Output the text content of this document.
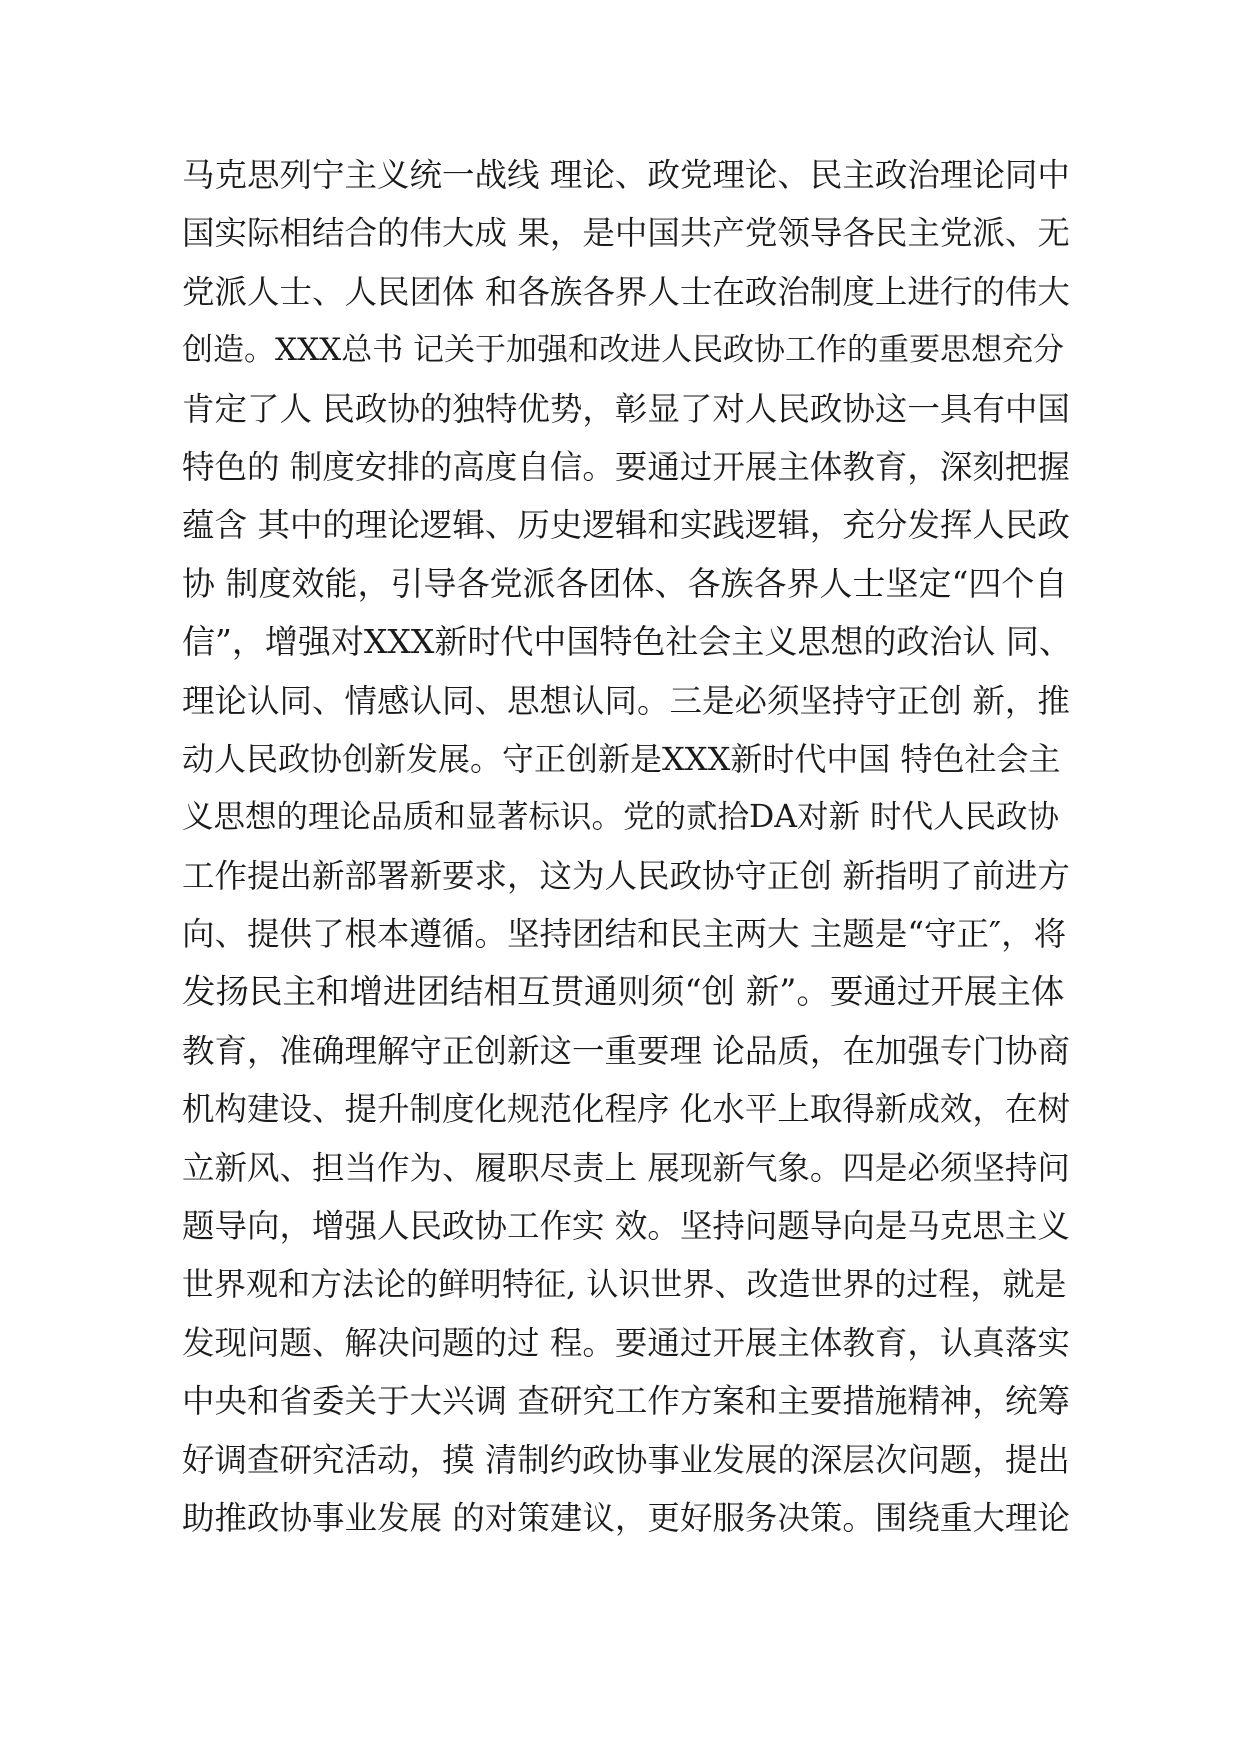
马克思列宁主义统一战线 理论、政党理论、民主政治理论同中
国实际相结合的伟大成 果，是中国共产党领导各民主党派、无
党派人士、人民团体 和各族各界人士在政治制度上进行的伟大
创造。XXX总书 记关于加强和改进人民政协工作的重要思想充分
肯定了人 民政协的独特优势，彰显了对人民政协这一具有中国
特色的 制度安排的高度自信。要通过开展主体教育，深刻把握
蕴含 其中的理论逻辑、历史逻辑和实践逻辑，充分发挥人民政
协 制度效能，引导各党派各团体、各族各界人士坚定“四个自
信”，增强对XXX新时代中国特色社会主义思想的政治认 同、
理论认同、情感认同、思想认同。三是必须坚持守正创 新，推
动人民政协创新发展。守正创新是XXX新时代中国 特色社会主
义思想的理论品质和显著标识。党的贰拾DA对新 时代人民政协
工作提出新部署新要求，这为人民政协守正创 新指明了前进方
向、提供了根本遵循。坚持团结和民主两大 主题是“守正″，将
发扬民主和增进团结相互贯通则须“创 新”。要通过开展主体
教育，准确理解守正创新这一重要理 论品质，在加强专门协商
机构建设、提升制度化规范化程序 化水平上取得新成效，在树
立新风、担当作为、履职尽责上 展现新气象。四是必须坚持问
题导向，增强人民政协工作实 效。坚持问题导向是马克思主义
世界观和方法论的鲜明特征, 认识世界、改造世界的过程，就是
发现问题、解决问题的过 程。要通过开展主体教育，认真落实
中央和省委关于大兴调 查研究工作方案和主要措施精神，统筹
好调查研究活动，摸 清制约政协事业发展的深层次问题，提出
助推政协事业发展 的对策建议，更好服务决策。围绕重大理论
